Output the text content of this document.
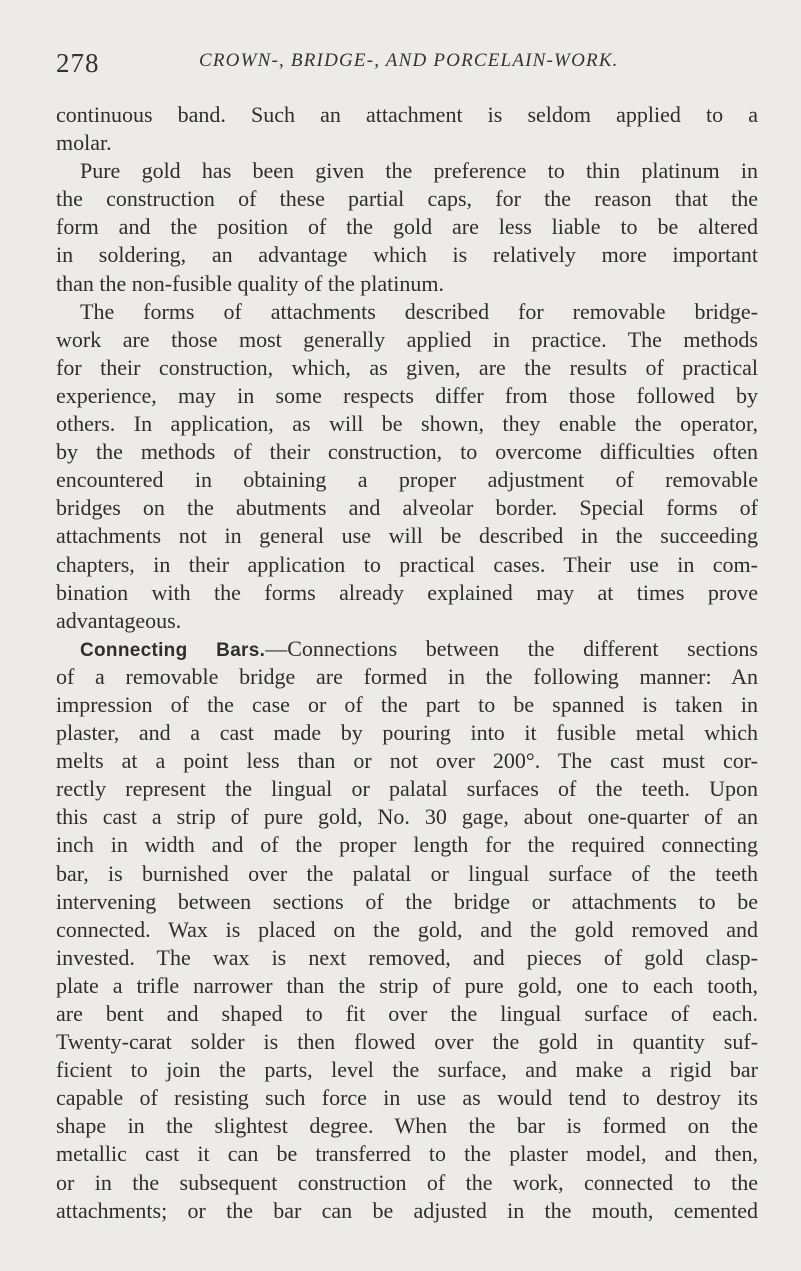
278	CROWN-, BRIDGE-, AND PORCELAIN-WORK.
continuous band. Such an attachment is seldom applied to a
molar.
Pure gold has been given the preference to thin platinum in
the construction of these partial caps, for the reason that the
form and the position of the gold are less liable to be altered
in soldering, an advantage which is relatively more important
than the non-fusible quality of the platinum.
The forms of attachments described for removable bridge-
work are those most generally applied in practice. The methods
for their construction, which, as given, are the results of practical
experience, may in some respects differ from those followed by
others. In application, as will be shown, they enable the operator,
by the methods of their construction, to overcome difficulties often
encountered in obtaining a proper adjustment of removable
bridges on the abutments and alveolar border. Special forms of
attachments not in general use will be described in the succeeding
chapters, in their application to practical cases. Their use in com-
bination with the forms already explained may at times prove
advantageous.
Connecting Bars.—Connections between the different sections
of a removable bridge are formed in the following manner: An
impression of the case or of the part to be spanned is taken in
plaster, and a cast made by pouring into it fusible metal which
melts at a point less than or not over 200°. The cast must cor-
rectly represent the lingual or palatal surfaces of the teeth. Upon
this cast a strip of pure gold, No. 30 gage, about one-quarter of an
inch in width and of the proper length for the required connecting
bar, is burnished over the palatal or lingual surface of the teeth
intervening between sections of the bridge or attachments to be
connected. Wax is placed on the gold, and the gold removed and
invested. The wax is next removed, and pieces of gold clasp-
plate a trifle narrower than the strip of pure gold, one to each tooth,
are bent and shaped to fit over the lingual surface of each.
Twenty-carat solder is then flowed over the gold in quantity suf-
ficient to join the parts, level the surface, and make a rigid bar
capable of resisting such force in use as would tend to destroy its
shape in the slightest degree. When the bar is formed on the
metallic cast it can be transferred to the plaster model, and then,
or in the subsequent construction of the work, connected to the
attachments; or the bar can be adjusted in the mouth, cemented
